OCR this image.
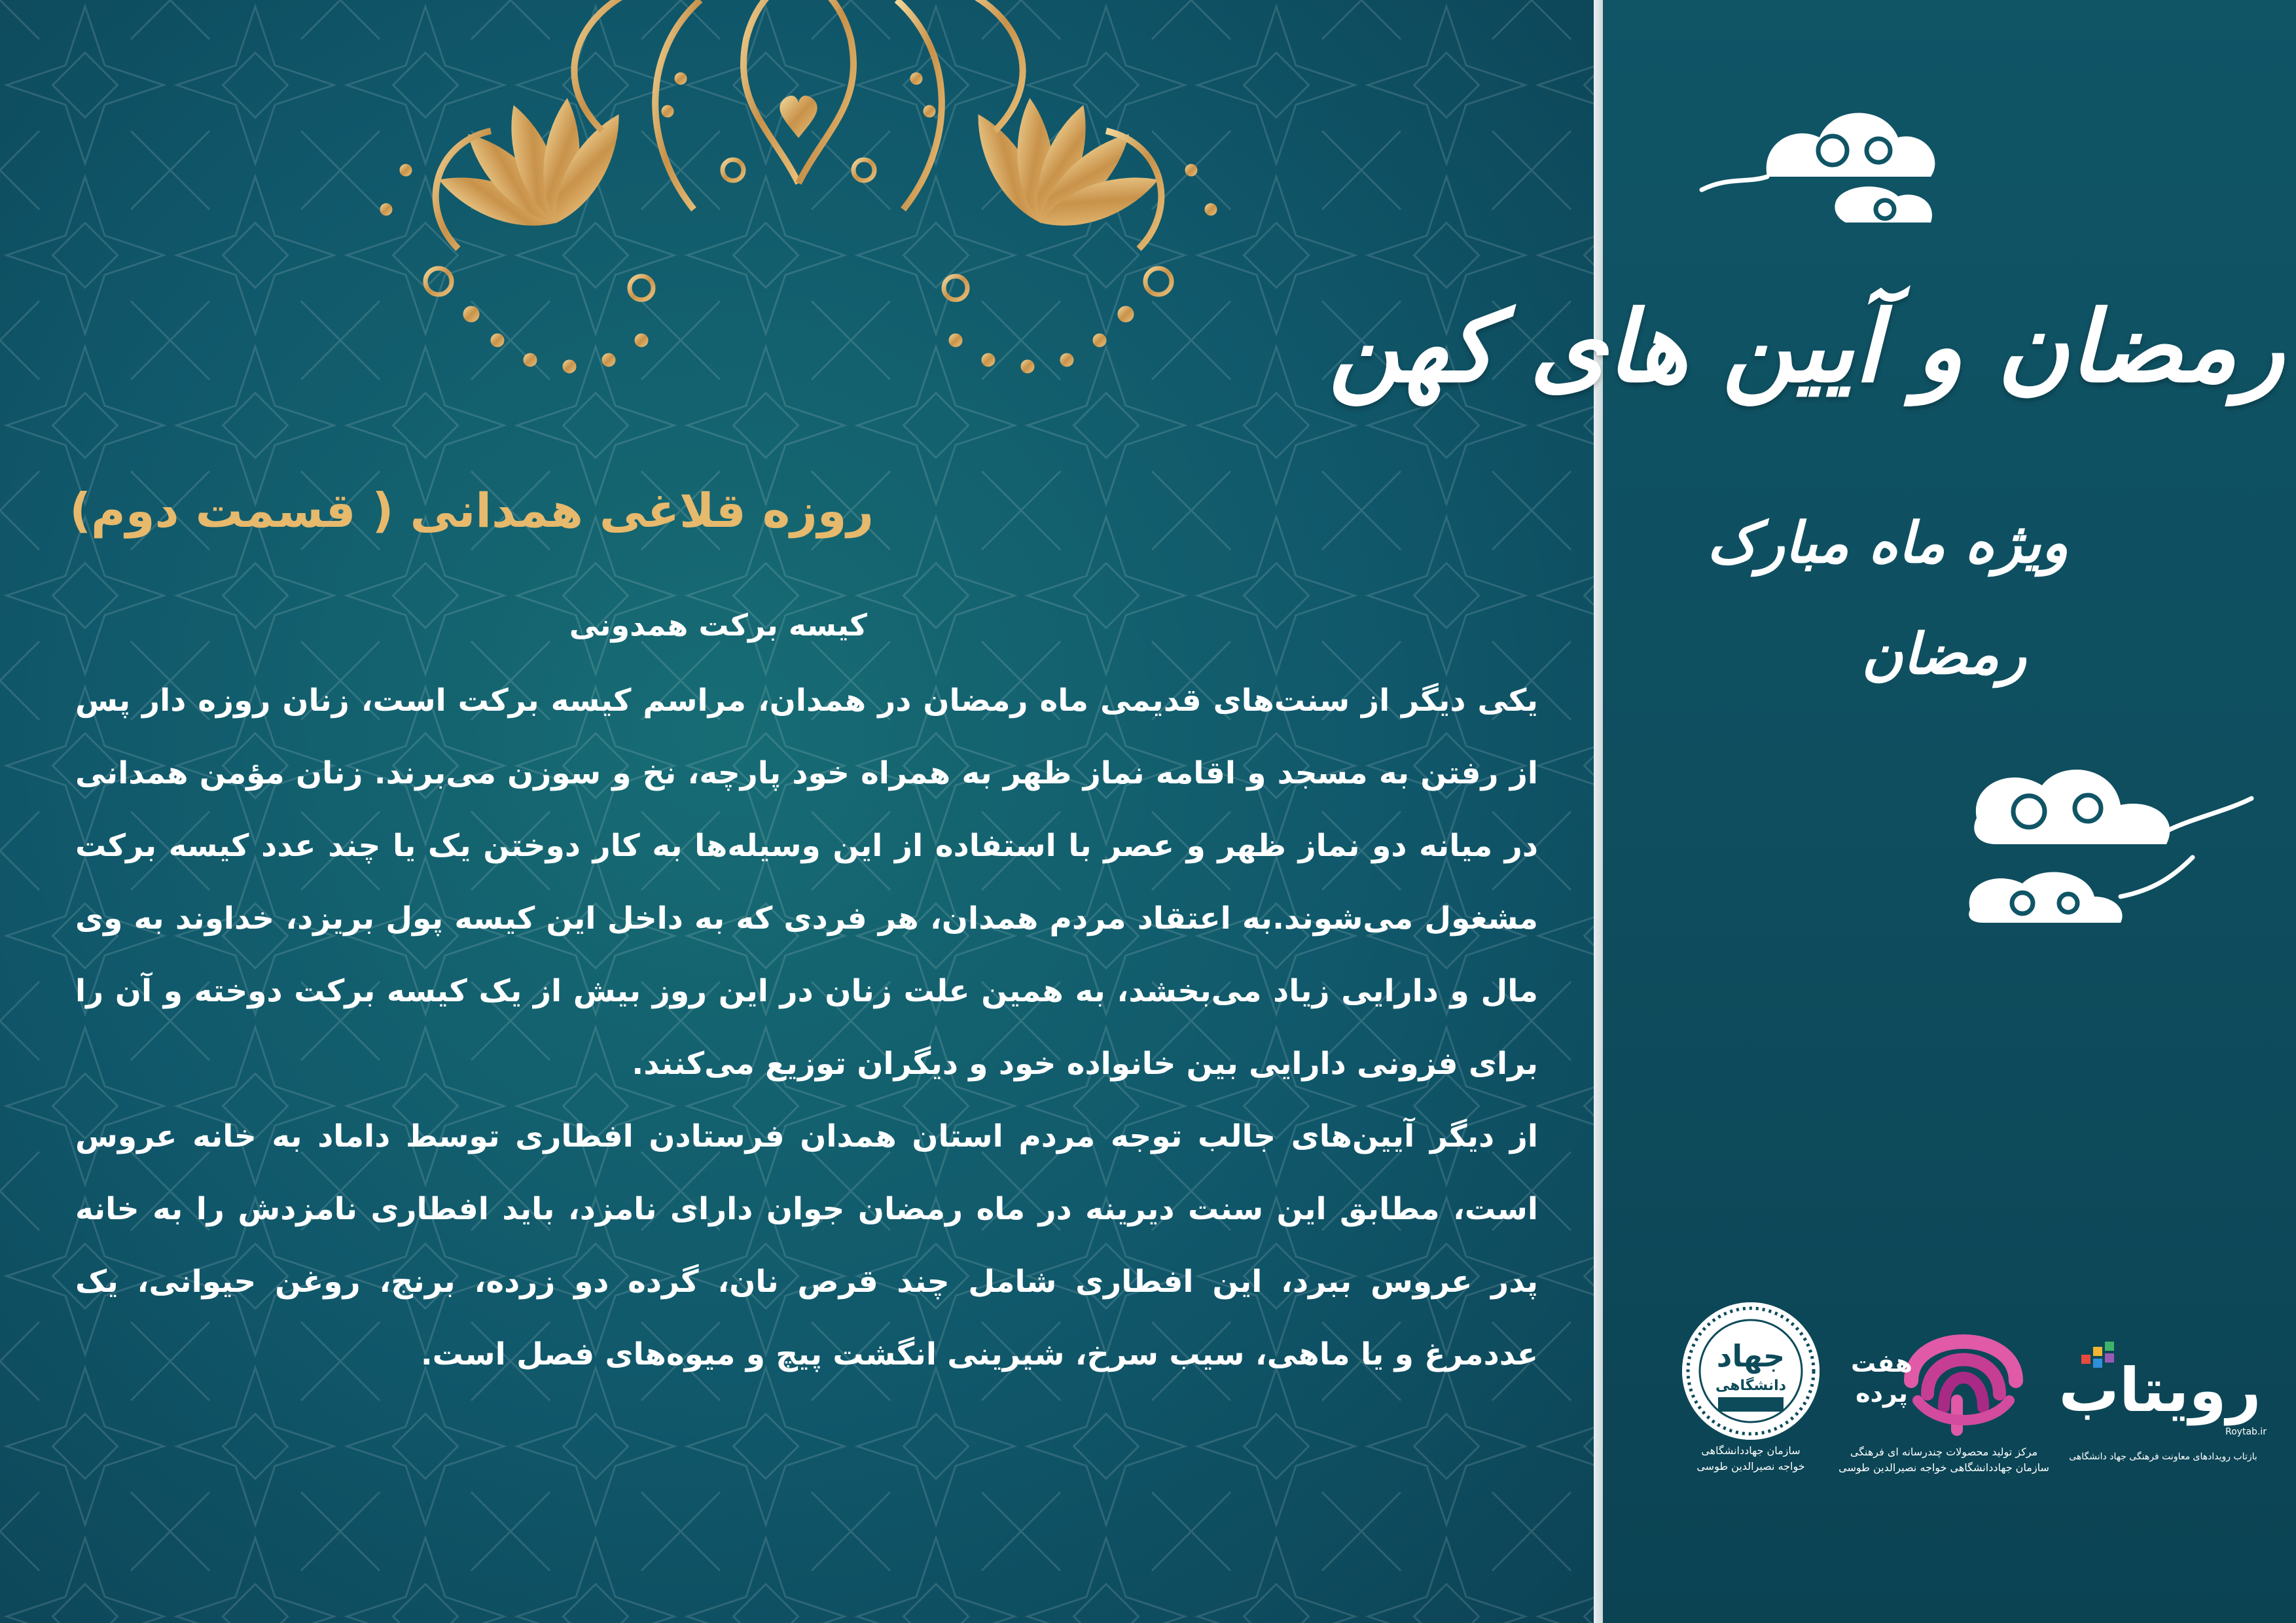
روزه قلاغی همدانی ( قسمت دوم)
کیسه برکت همدونی

یکی دیگر از سنت‌های قدیمی ماه رمضان در همدان، مراسم کیسه برکت است، زنان روزه دار پس از رفتن به مسجد و اقامه نماز ظهر به همراه خود پارچه، نخ و سوزن می‌برند. زنان مؤمن همدانی در میانه دو نماز ظهر و عصر با استفاده از این وسیله‌ها به کار دوختن یک یا چند عدد کیسه برکت مشغول می‌شوند.به اعتقاد مردم همدان، هر فردی که به داخل این کیسه پول بریزد، خداوند به وی مال و دارایی زیاد می‌بخشد، به همین علت زنان در این روز بیش از یک کیسه برکت دوخته و آن را برای فزونی دارایی بین خانواده خود و دیگران توزیع می‌کنند.

از دیگر آیین‌های جالب توجه مردم استان همدان فرستادن افطاری توسط داماد به خانه عروس است، مطابق این سنت دیرینه در ماه رمضان جوان دارای نامزد، باید افطاری نامزدش را به خانه پدر عروس ببرد، این افطاری شامل چند قرص نان، گرده دو زرده، برنج، روغن حیوانی، یک عددمرغ و یا ماهی، سیب سرخ، شیرینی انگشت پیچ و میوه‌های فصل است.

رمضان و آیین های کهن
ویژه ماه مبارک
رمضان
جهاد
دانشگاهی
سازمان جهاددانشگاهی
خواجه نصیرالدین طوسی
هفت پرده
مرکز تولید محصولات چندرسانه ای فرهنگی
سازمان جهاددانشگاهی خواجه نصیرالدین طوسی
رویتاب
Roytab.ir
بازتاب رویدادهای معاونت فرهنگی جهاد دانشگاهی
